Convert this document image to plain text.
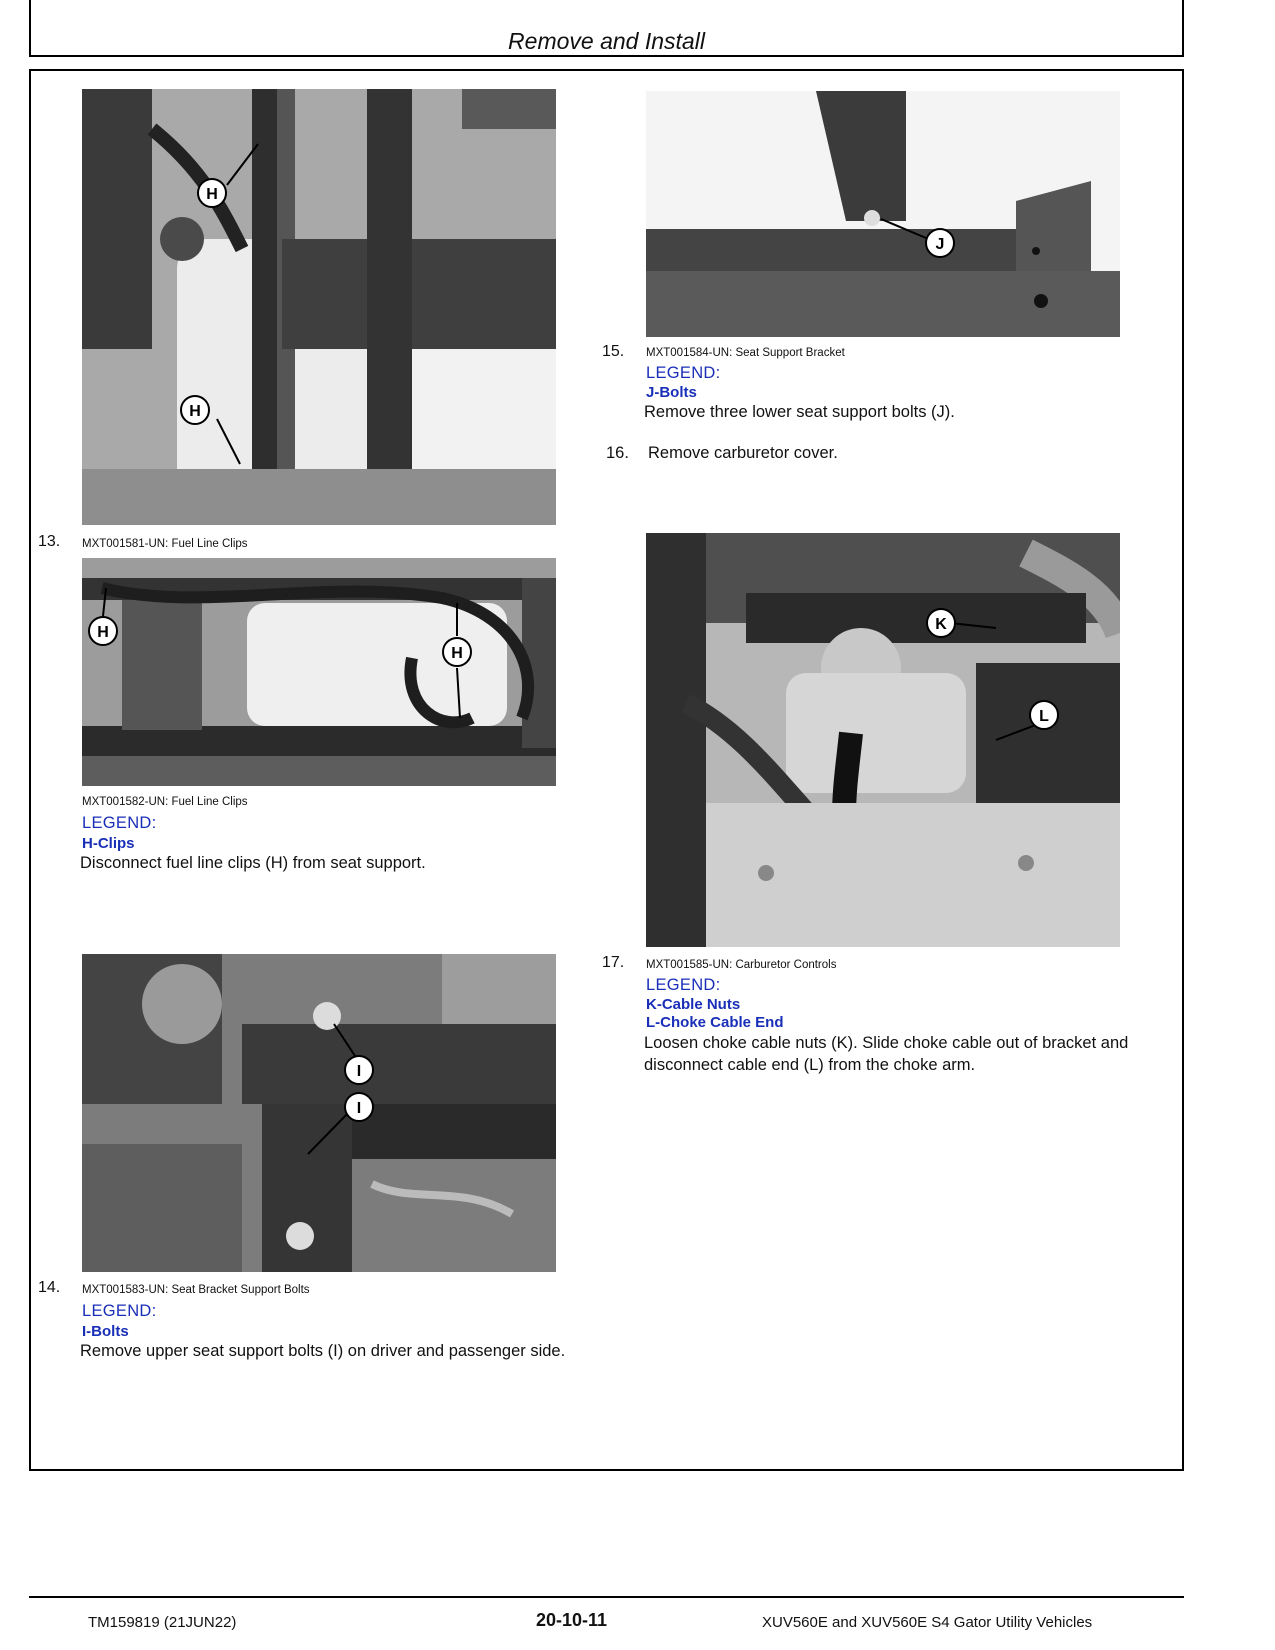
Remove and Install
H
H
13. MXT001581-UN: Fuel Line Clips
H
H
MXT001582-UN: Fuel Line Clips
LEGEND:
H-Clips
Disconnect fuel line clips (H) from seat support.
I
I
14. MXT001583-UN: Seat Bracket Support Bolts
LEGEND:
I-Bolts
Remove upper seat support bolts (I) on driver and passenger side.
J
15. MXT001584-UN: Seat Support Bracket
LEGEND:
J-Bolts
Remove three lower seat support bolts (J).
16. Remove carburetor cover.
K
L
17. MXT001585-UN: Carburetor Controls
LEGEND:
K-Cable Nuts
L-Choke Cable End
Loosen choke cable nuts (K). Slide choke cable out of bracket and disconnect cable end (L) from the choke arm.
TM159819 (21JUN22)	20-10-11	XUV560E and XUV560E S4 Gator Utility Vehicles
